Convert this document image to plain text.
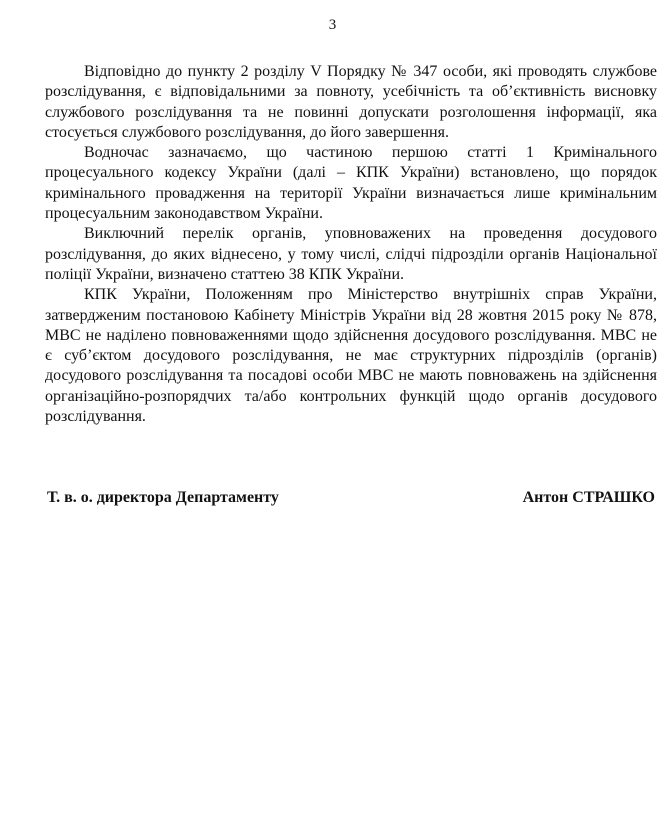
3

Відповідно до пункту 2 розділу V Порядку № 347 особи, які проводять службове розслідування, є відповідальними за повноту, усебічність та об’єктивність висновку службового розслідування та не повинні допускати розголошення інформації, яка стосується службового розслідування, до його завершення.

Водночас зазначаємо, що частиною першою статті 1 Кримінального процесуального кодексу України (далі – КПК України) встановлено, що порядок кримінального провадження на території України визначається лише кримінальним процесуальним законодавством України.

Виключний перелік органів, уповноважених на проведення досудового розслідування, до яких віднесено, у тому числі, слідчі підрозділи органів Національної поліції України, визначено статтею 38 КПК України.

КПК України, Положенням про Міністерство внутрішніх справ України, затвердженим постановою Кабінету Міністрів України від 28 жовтня 2015 року № 878, МВС не наділено повноваженнями щодо здійснення досудового розслідування. МВС не є суб’єктом досудового розслідування, не має структурних підрозділів (органів) досудового розслідування та посадові особи МВС не мають повноважень на здійснення організаційно-розпорядчих та/або контрольних функцій щодо органів досудового розслідування.

Т. в. о. директора Департаменту	Антон СТРАШКО
